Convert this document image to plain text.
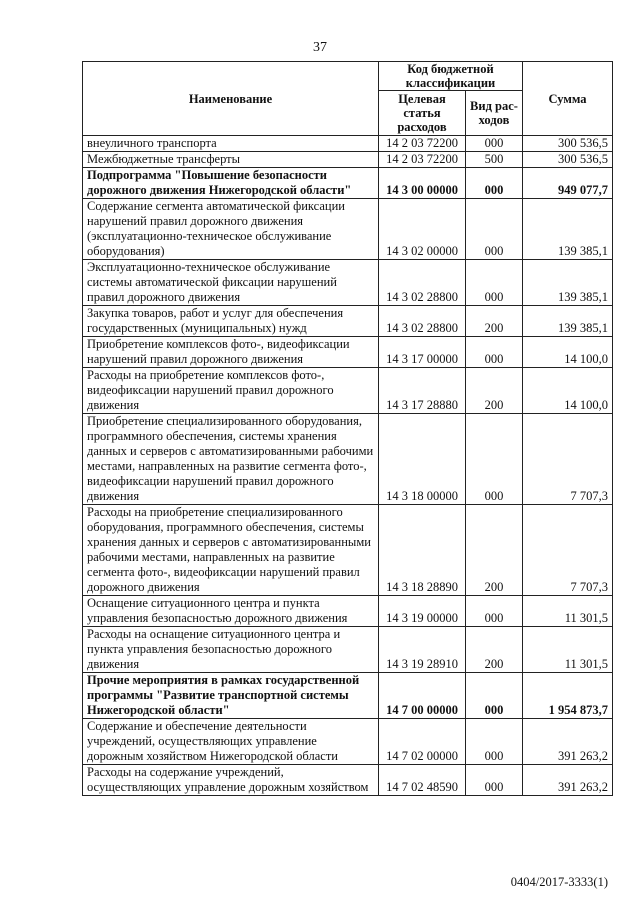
37
Наименование	Код бюджетной классификации		Сумма
	Целевая статья расходов	Вид рас-ходов	
внеуличного транспорта	14 2 03 72200	000	300 536,5
Межбюджетные трансферты	14 2 03 72200	500	300 536,5
Подпрограмма "Повышение безопасности дорожного движения Нижегородской области"	14 3 00 00000	000	949 077,7
Содержание сегмента автоматической фиксации нарушений правил дорожного движения (эксплуатационно-техническое обслуживание оборудования)	14 3 02 00000	000	139 385,1
Эксплуатационно-техническое обслуживание системы автоматической фиксации нарушений правил дорожного движения	14 3 02 28800	000	139 385,1
Закупка товаров, работ и услуг для обеспечения государственных (муниципальных) нужд	14 3 02 28800	200	139 385,1
Приобретение комплексов фото-, видеофиксации нарушений правил дорожного движения	14 3 17 00000	000	14 100,0
Расходы на приобретение комплексов фото-, видеофиксации нарушений правил дорожного движения	14 3 17 28880	200	14 100,0
Приобретение специализированного оборудования, программного обеспечения, системы хранения данных и серверов с автоматизированными рабочими местами, направленных на развитие сегмента фото-, видеофиксации нарушений правил дорожного движения	14 3 18 00000	000	7 707,3
Расходы на приобретение специализированного оборудования, программного обеспечения, системы хранения данных и серверов с автоматизированными рабочими местами, направленных на развитие сегмента фото-, видеофиксации нарушений правил дорожного движения	14 3 18 28890	200	7 707,3
Оснащение ситуационного центра и пункта управления безопасностью дорожного движения	14 3 19 00000	000	11 301,5
Расходы на оснащение ситуационного центра и пункта управления безопасностью дорожного движения	14 3 19 28910	200	11 301,5
Прочие мероприятия в рамках государственной программы "Развитие транспортной системы Нижегородской области"	14 7 00 00000	000	1 954 873,7
Содержание и обеспечение деятельности учреждений, осуществляющих управление дорожным хозяйством Нижегородской области	14 7 02 00000	000	391 263,2
Расходы на содержание учреждений, осуществляющих управление дорожным хозяйством	14 7 02 48590	000	391 263,2
0404/2017-3333(1)
